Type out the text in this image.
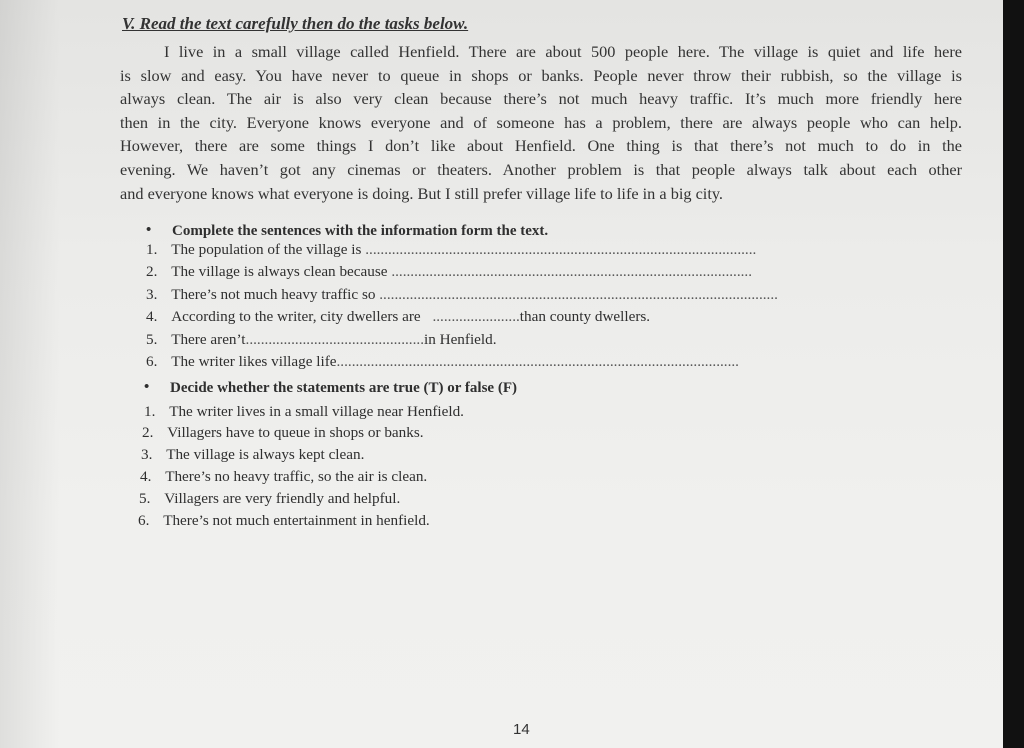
V. Read the text carefully then do the tasks below.
I live in a small village called Henfield. There are about 500 people here. The village is quiet and life here
is slow and easy. You have never to queue in shops or banks. People never throw their rubbish, so the village is
always clean. The air is also very clean because there’s not much heavy traffic. It’s much more friendly here
then in the city. Everyone knows everyone and of someone has a problem, there are always people who can help.
However, there are some things I don’t like about Henfield. One thing is that there’s not much to do in the
evening. We haven’t got any cinemas or theaters. Another problem is that people always talk about each other
and everyone knows what everyone is doing. But I still prefer village life to life in a big city.
• Complete the sentences with the information form the text.
1. The population of the village is .......................................................................................................
2. The village is always clean because ...............................................................................................
3. There’s not much heavy traffic so .........................................................................................................
4. According to the writer, city dwellers are .......................than county dwellers.
5. There aren’t...............................................in Henfield.
6. The writer likes village life..........................................................................................................
• Decide whether the statements are true (T) or false (F)
1. The writer lives in a small village near Henfield.
2. Villagers have to queue in shops or banks.
3. The village is always kept clean.
4. There’s no heavy traffic, so the air is clean.
5. Villagers are very friendly and helpful.
6. There’s not much entertainment in henfield.
14
